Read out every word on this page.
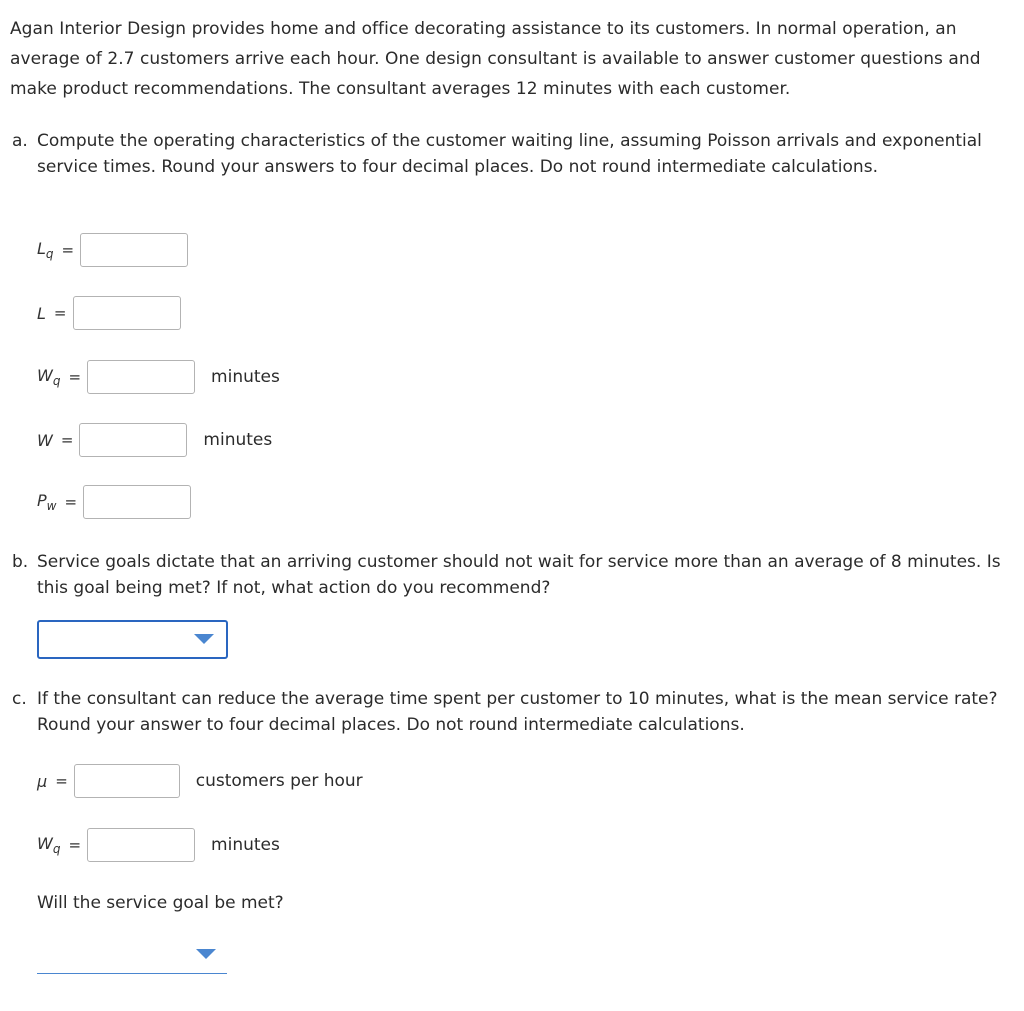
Agan Interior Design provides home and office decorating assistance to its customers. In normal operation, an average of 2.7 customers arrive each hour. One design consultant is available to answer customer questions and make product recommendations. The consultant averages 12 minutes with each customer.
a. Compute the operating characteristics of the customer waiting line, assuming Poisson arrivals and exponential service times. Round your answers to four decimal places. Do not round intermediate calculations.
$L_q$ =
L =
$W_q$ =	minutes
W =	minutes
$P_w$ =
b. Service goals dictate that an arriving customer should not wait for service more than an average of 8 minutes. Is this goal being met? If not, what action do you recommend?
c. If the consultant can reduce the average time spent per customer to 10 minutes, what is the mean service rate? Round your answer to four decimal places. Do not round intermediate calculations.
μ =	customers per hour
$W_q$ =	minutes
Will the service goal be met?
